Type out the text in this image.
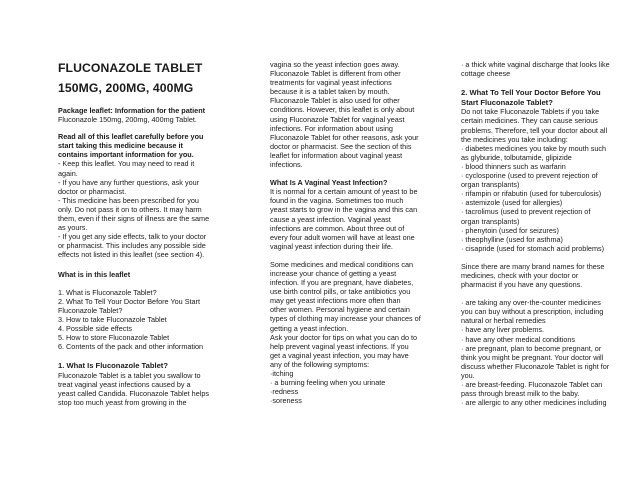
FLUCONAZOLE TABLET

150MG, 200MG, 400MG

Package leaflet: Information for the patient

Fluconazole 150mg, 200mg, 400mg Tablet.

Read all of this leaflet carefully before you
start taking this medicine because it
contains important information for you.

- Keep this leaflet. You may need to read it
again.
- If you have any further questions, ask your
doctor or pharmacist.
- This medicine has been prescribed for you
only. Do not pass it on to others. It may harm
them, even if their signs of illness are the same
as yours.
- If you get any side effects, talk to your doctor
or pharmacist. This includes any possible side
effects not listed in this leaflet (see section 4).

What is in this leaflet

1. What is Fluconazole Tablet?
2. What To Tell Your Doctor Before You Start
Fluconazole Tablet?
3. How to take Fluconazole Tablet
4. Possible side effects
5. How to store Fluconazole Tablet
6. Contents of the pack and other information

1. What Is Fluconazole Tablet?

Fluconazole Tablet is a tablet you swallow to
treat vaginal yeast infections caused by a
yeast called Candida. Fluconazole Tablet helps
stop too much yeast from growing in the

vagina so the yeast infection goes away.
Fluconazole Tablet is different from other
treatments for vaginal yeast infections
because it is a tablet taken by mouth.
Fluconazole Tablet is also used for other
conditions. However, this leaflet is only about
using Fluconazole Tablet for vaginal yeast
infections. For information about using
Fluconazole Tablet for other reasons, ask your
doctor or pharmacist. See the section of this
leaflet for information about vaginal yeast
infections.

What Is A Vaginal Yeast Infection?

It is normal for a certain amount of yeast to be
found in the vagina. Sometimes too much
yeast starts to grow in the vagina and this can
cause a yeast infection. Vaginal yeast
infections are common. About three out of
every four adult women will have at least one
vaginal yeast infection during their life.

Some medicines and medical conditions can
increase your chance of getting a yeast
infection. If you are pregnant, have diabetes,
use birth control pills, or take antibiotics you
may get yeast infections more often than
other women. Personal hygiene and certain
types of clothing may increase your chances of
getting a yeast infection.
Ask your doctor for tips on what you can do to
help prevent vaginal yeast infections. If you
get a vaginal yeast infection, you may have
any of the following symptoms:
·itching
· a burning feeling when you urinate
·redness
·soreness

· a thick white vaginal discharge that looks like
cottage cheese

2. What To Tell Your Doctor Before You
Start Fluconazole Tablet?

Do not take Fluconazole Tablets if you take
certain medicines. They can cause serious
problems. Therefore, tell your doctor about all
the medicines you take including:
· diabetes medicines you take by mouth such
as glyburide, tolbutamide, glipizide
· blood thinners such as warfarin
· cyclosporine (used to prevent rejection of
organ transplants)
· rifampin or rifabutin (used for tuberculosis)
· astemizole (used for allergies)
· tacrolimus (used to prevent rejection of
organ transplants)
· phenytoin (used for seizures)
· theophylline (used for asthma)
· cisapride (used for stomach acid problems)

Since there are many brand names for these
medicines, check with your doctor or
pharmacist if you have any questions.

· are taking any over-the-counter medicines
you can buy without a prescription, including
natural or herbal remedies
· have any liver problems.
· have any other medical conditions
· are pregnant, plan to become pregnant, or
think you might be pregnant. Your doctor will
discuss whether Fluconazole Tablet is right for
you.
· are breast-feeding. Fluconazole Tablet can
pass through breast milk to the baby.
· are allergic to any other medicines including
